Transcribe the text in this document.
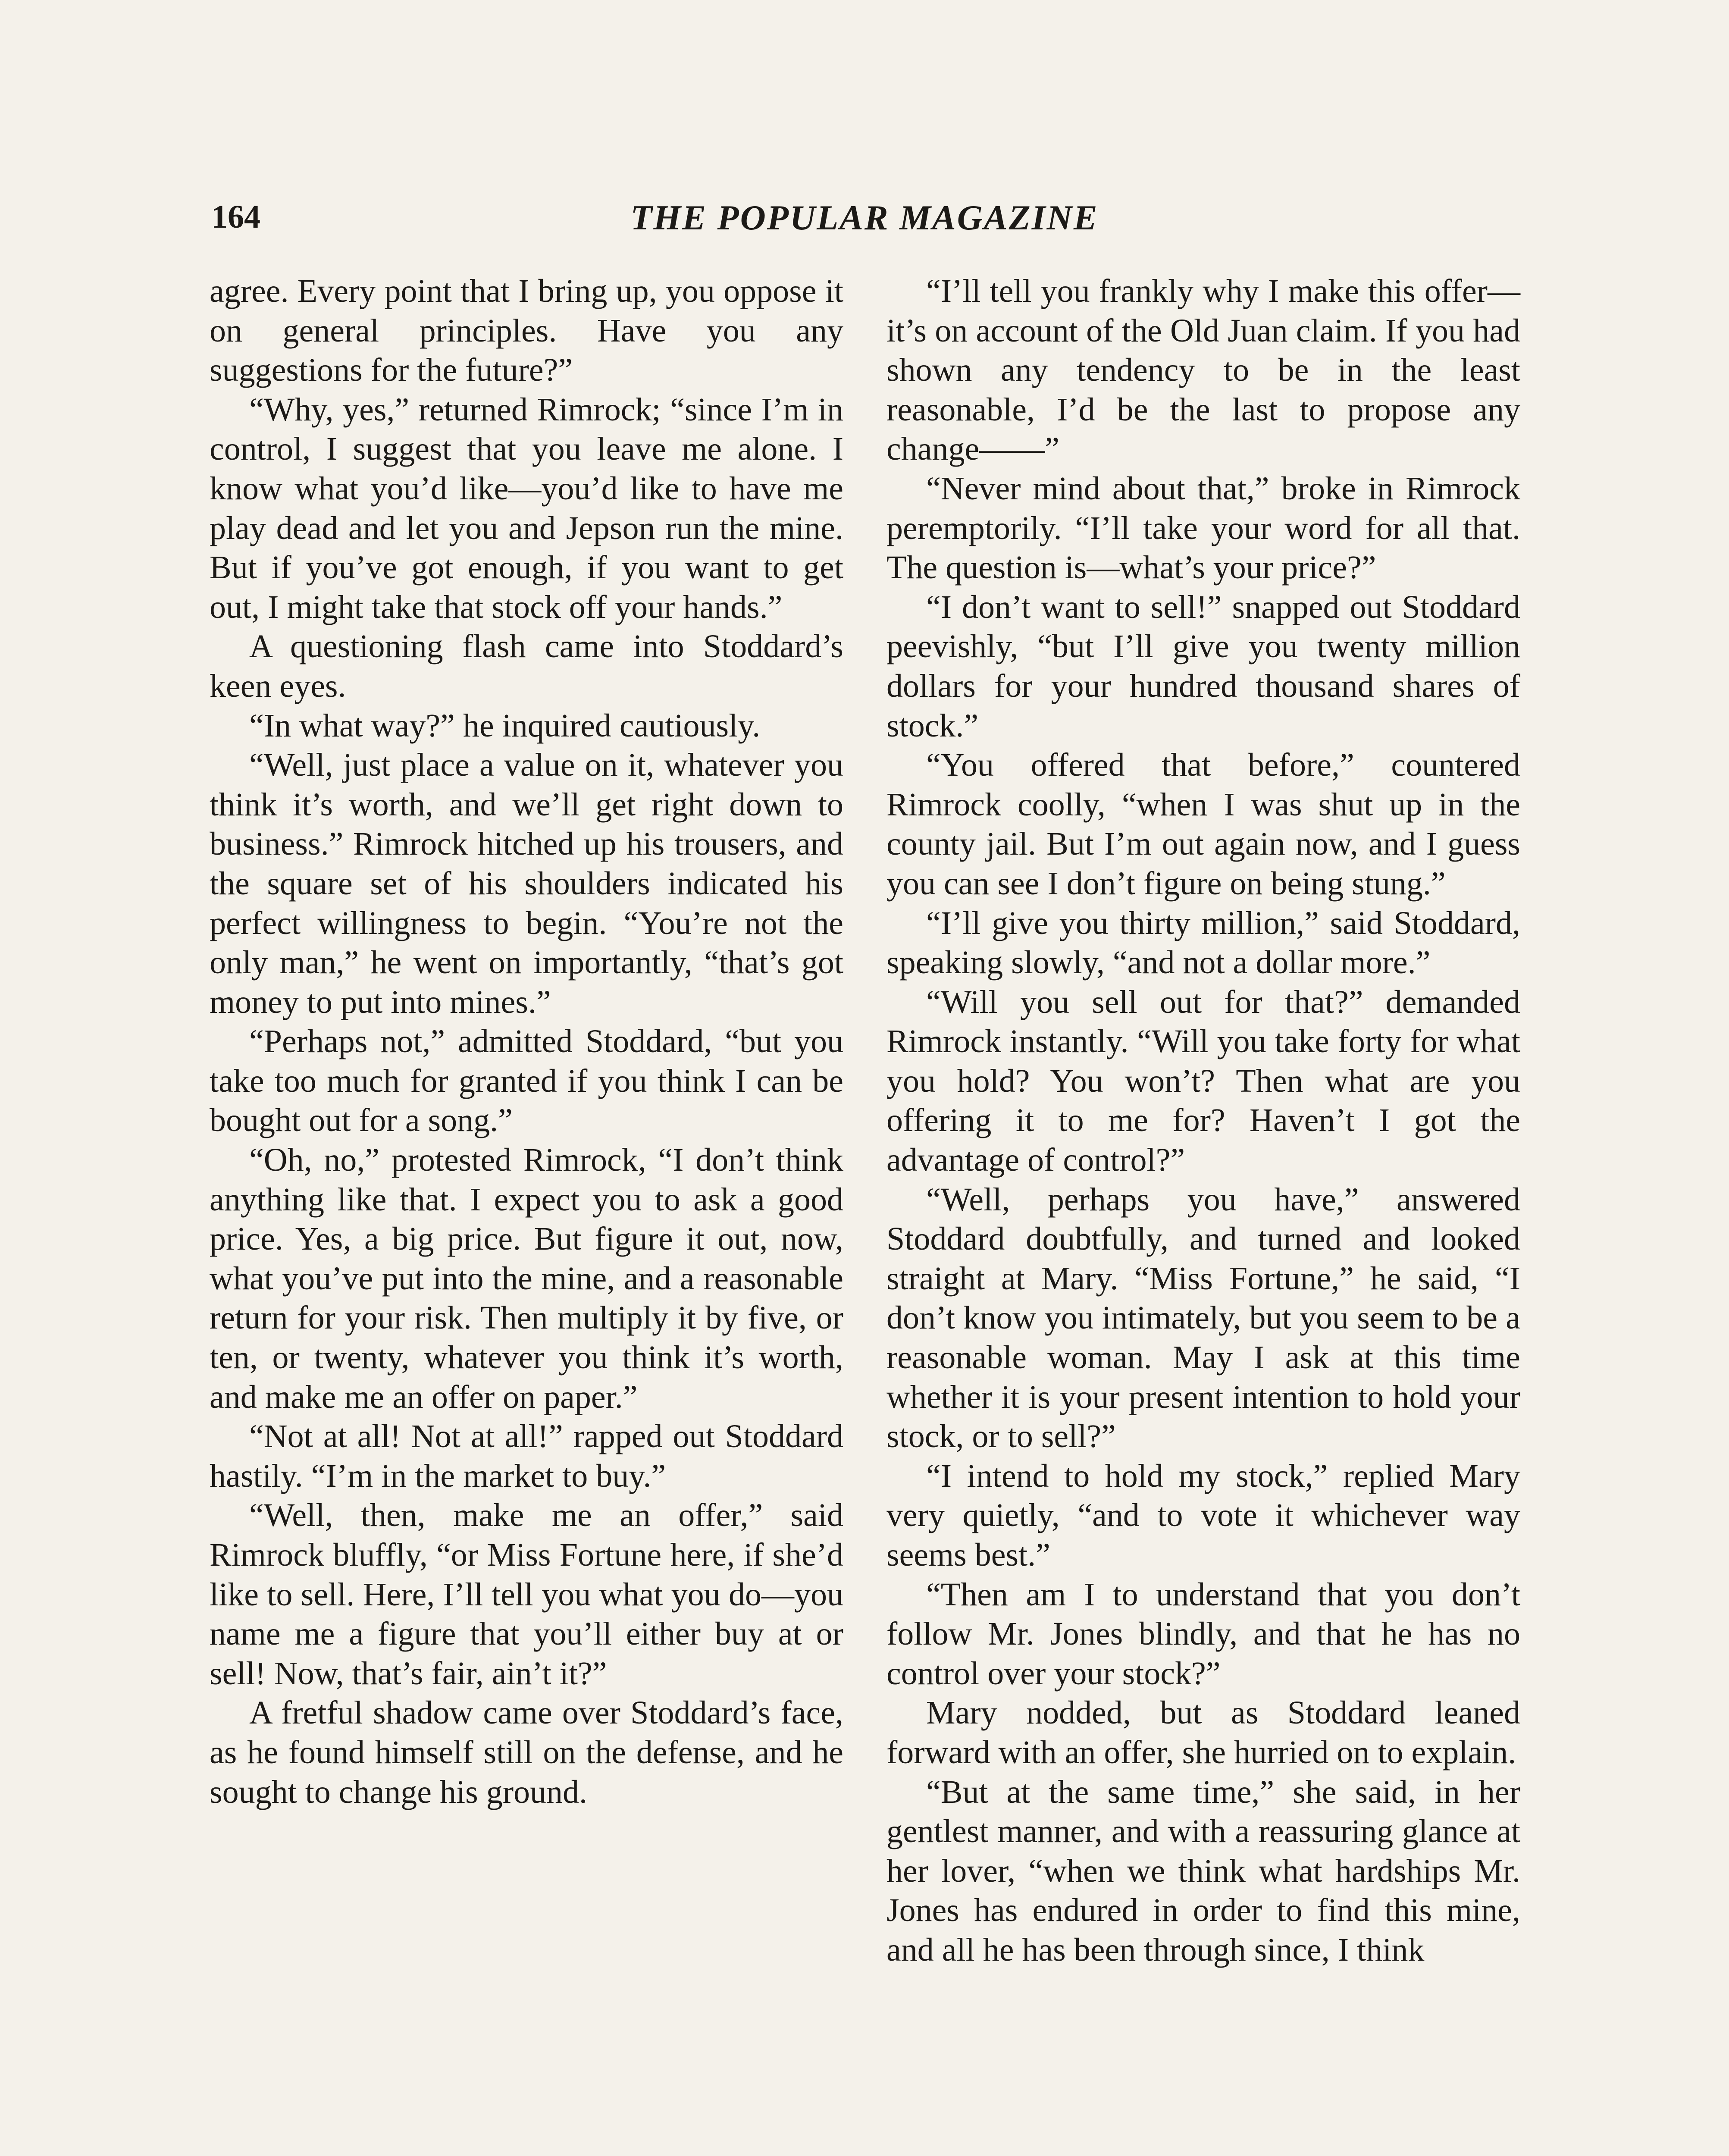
164	THE POPULAR MAGAZINE

agree. Every point that I bring up, you oppose it on general principles. Have you any suggestions for the future?”

“Why, yes,” returned Rimrock; “since I’m in control, I suggest that you leave me alone. I know what you’d like—you’d like to have me play dead and let you and Jepson run the mine. But if you’ve got enough, if you want to get out, I might take that stock off your hands.”

A questioning flash came into Stoddard’s keen eyes.

“In what way?” he inquired cautiously.

“Well, just place a value on it, whatever you think it’s worth, and we’ll get right down to business.” Rimrock hitched up his trousers, and the square set of his shoulders indicated his perfect willingness to begin. “You’re not the only man,” he went on importantly, “that’s got money to put into mines.”

“Perhaps not,” admitted Stoddard, “but you take too much for granted if you think I can be bought out for a song.”

“Oh, no,” protested Rimrock, “I don’t think anything like that. I expect you to ask a good price. Yes, a big price. But figure it out, now, what you’ve put into the mine, and a reasonable return for your risk. Then multiply it by five, or ten, or twenty, whatever you think it’s worth, and make me an offer on paper.”

“Not at all! Not at all!” rapped out Stoddard hastily. “I’m in the market to buy.”

“Well, then, make me an offer,” said Rimrock bluffly, “or Miss Fortune here, if she’d like to sell. Here, I’ll tell you what you do—you name me a figure that you’ll either buy at or sell! Now, that’s fair, ain’t it?”

A fretful shadow came over Stoddard’s face, as he found himself still on the defense, and he sought to change his ground.

“I’ll tell you frankly why I make this offer—it’s on account of the Old Juan claim. If you had shown any tendency to be in the least reasonable, I’d be the last to propose any change——”

“Never mind about that,” broke in Rimrock peremptorily. “I’ll take your word for all that. The question is—what’s your price?”

“I don’t want to sell!” snapped out Stoddard peevishly, “but I’ll give you twenty million dollars for your hundred thousand shares of stock.”

“You offered that before,” countered Rimrock coolly, “when I was shut up in the county jail. But I’m out again now, and I guess you can see I don’t figure on being stung.”

“I’ll give you thirty million,” said Stoddard, speaking slowly, “and not a dollar more.”

“Will you sell out for that?” demanded Rimrock instantly. “Will you take forty for what you hold? You won’t? Then what are you offering it to me for? Haven’t I got the advantage of control?”

“Well, perhaps you have,” answered Stoddard doubtfully, and turned and looked straight at Mary. “Miss Fortune,” he said, “I don’t know you intimately, but you seem to be a reasonable woman. May I ask at this time whether it is your present intention to hold your stock, or to sell?”

“I intend to hold my stock,” replied Mary very quietly, “and to vote it whichever way seems best.”

“Then am I to understand that you don’t follow Mr. Jones blindly, and that he has no control over your stock?”

Mary nodded, but as Stoddard leaned forward with an offer, she hurried on to explain.

“But at the same time,” she said, in her gentlest manner, and with a reassuring glance at her lover, “when we think what hardships Mr. Jones has endured in order to find this mine, and all he has been through since, I think
